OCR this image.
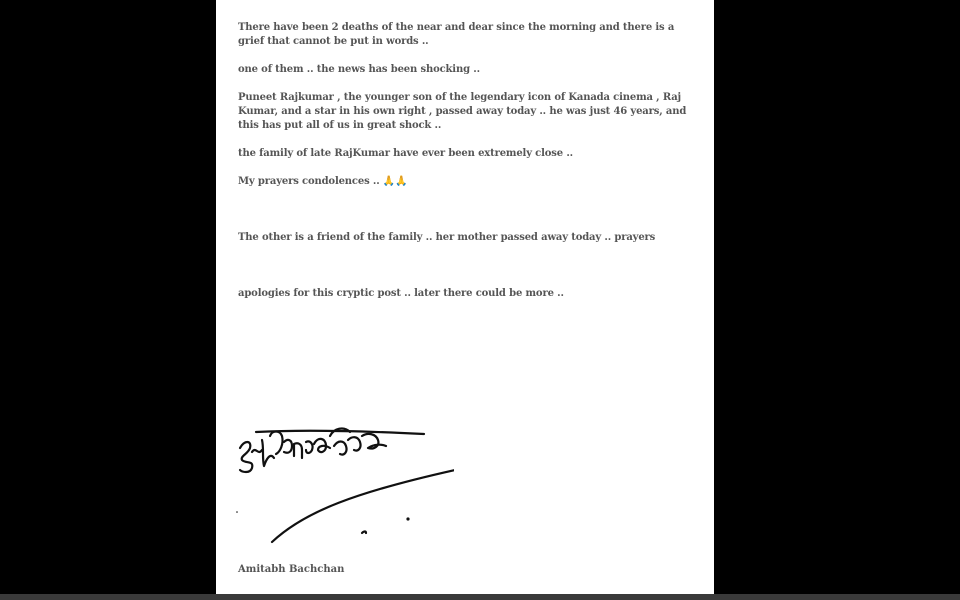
There have been 2 deaths of the near and dear since the morning and there is a grief that cannot be put in words ..

one of them .. the news has been shocking ..

Puneet Rajkumar , the younger son of the legendary icon of Kanada cinema , Raj Kumar, and a star in his own right , passed away today .. he was just 46 years, and this has put all of us in great shock ..

the family of late RajKumar have ever been extremely close ..

My prayers condolences .. 🙏🙏

The other is a friend of the family .. her mother passed away today .. prayers

apologies for this cryptic post .. later there could be more ..

Amitabh Bachchan
